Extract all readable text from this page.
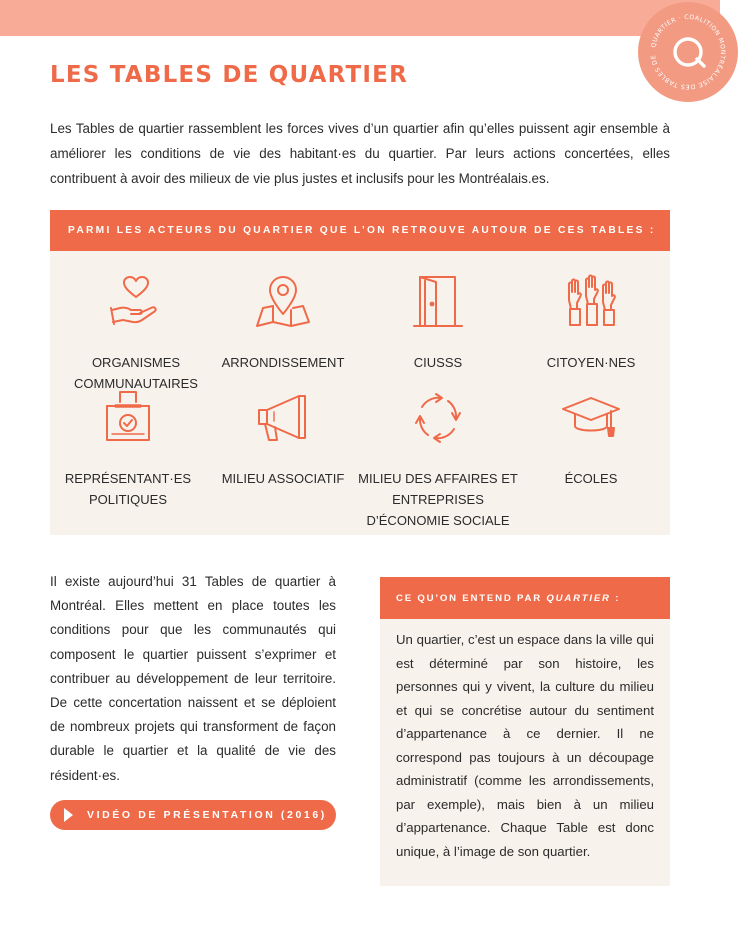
QUARTIER · COALITION MONTRÉALAISE DES TABLES DE
LES TABLES DE QUARTIER

Les Tables de quartier rassemblent les forces vives d’un quartier afin qu’elles puissent agir ensemble à améliorer les conditions de vie des habitant·es du quartier. Par leurs actions concertées, elles contribuent à avoir des milieux de vie plus justes et inclusifs pour les Montréalais.es.

PARMI LES ACTEURS DU QUARTIER QUE L’ON RETROUVE AUTOUR DE CES TABLES :
ORGANISMES COMMUNAUTAIRES
ARRONDISSEMENT	CIUSSS	CITOYEN·NES
REPRÉSENTANT·ES POLITIQUES
MILIEU ASSOCIATIF	MILIEU DES AFFAIRES ET ENTREPRISES D’ÉCONOMIE SOCIALE
ÉCOLES

Il existe aujourd’hui 31 Tables de quartier à Montréal. Elles mettent en place toutes les conditions pour que les communautés qui composent le quartier puissent s’exprimer et contribuer au développement de leur territoire. De cette concertation naissent et se déploient de nombreux projets qui transforment de façon durable le quartier et la qualité de vie des résident·es.

VIDÉO DE PRÉSENTATION (2016)
CE QU’ON ENTEND PAR QUARTIER :

Un quartier, c’est un espace dans la ville qui est déterminé par son histoire, les personnes qui y vivent, la culture du milieu et qui se concrétise autour du sentiment d’appartenance à ce dernier. Il ne correspond pas toujours à un découpage administratif (comme les arrondissements, par exemple), mais bien à un milieu d’appartenance. Chaque Table est donc unique, à l’image de son quartier.
